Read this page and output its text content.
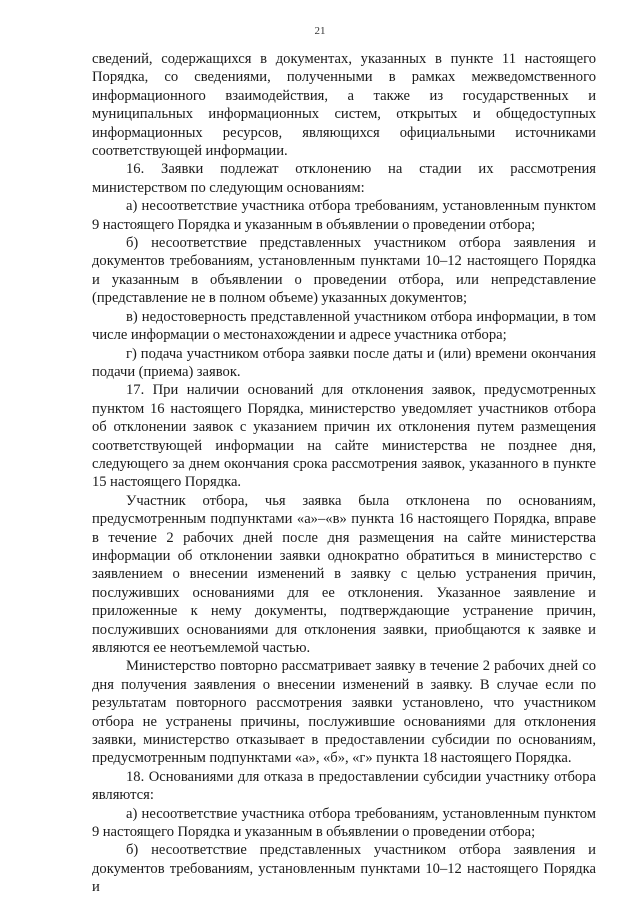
21

сведений, содержащихся в документах, указанных в пункте 11 настоящего Порядка, со сведениями, полученными в рамках межведомственного информационного взаимодействия, а также из государственных и муниципальных информационных систем, открытых и общедоступных информационных ресурсов, являющихся официальными источниками соответствующей информации.

16. Заявки подлежат отклонению на стадии их рассмотрения министерством по следующим основаниям:

а) несоответствие участника отбора требованиям, установленным пунктом 9 настоящего Порядка и указанным в объявлении о проведении отбора;

б) несоответствие представленных участником отбора заявления и документов требованиям, установленным пунктами 10–12 настоящего Порядка и указанным в объявлении о проведении отбора, или непредставление (представление не в полном объеме) указанных документов;

в) недостоверность представленной участником отбора информации, в том числе информации о местонахождении и адресе участника отбора;

г) подача участником отбора заявки после даты и (или) времени окончания подачи (приема) заявок.

17. При наличии оснований для отклонения заявок, предусмотренных пунктом 16 настоящего Порядка, министерство уведомляет участников отбора об отклонении заявок с указанием причин их отклонения путем размещения соответствующей информации на сайте министерства не позднее дня, следующего за днем окончания срока рассмотрения заявок, указанного в пункте 15 настоящего Порядка.

Участник отбора, чья заявка была отклонена по основаниям, предусмотренным подпунктами «а»–«в» пункта 16 настоящего Порядка, вправе в течение 2 рабочих дней после дня размещения на сайте министерства информации об отклонении заявки однократно обратиться в министерство с заявлением о внесении изменений в заявку с целью устранения причин, послуживших основаниями для ее отклонения. Указанное заявление и приложенные к нему документы, подтверждающие устранение причин, послуживших основаниями для отклонения заявки, приобщаются к заявке и являются ее неотъемлемой частью.

Министерство повторно рассматривает заявку в течение 2 рабочих дней со дня получения заявления о внесении изменений в заявку. В случае если по результатам повторного рассмотрения заявки установлено, что участником отбора не устранены причины, послужившие основаниями для отклонения заявки, министерство отказывает в предоставлении субсидии по основаниям, предусмотренным подпунктами «а», «б», «г» пункта 18 настоящего Порядка.

18. Основаниями для отказа в предоставлении субсидии участнику отбора являются:

а) несоответствие участника отбора требованиям, установленным пунктом 9 настоящего Порядка и указанным в объявлении о проведении отбора;

б) несоответствие представленных участником отбора заявления и документов требованиям, установленным пунктами 10–12 настоящего Порядка и
